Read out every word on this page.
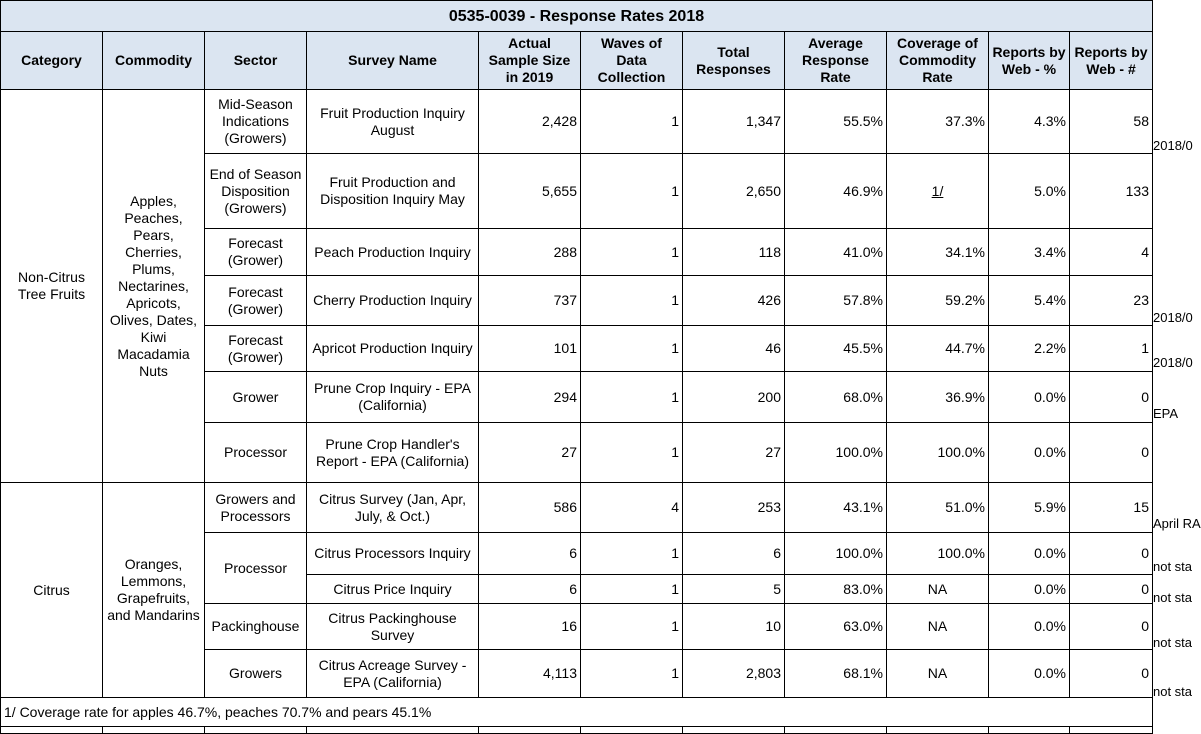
0535-0039 - Response Rates 2018										
Category	Commodity	Sector	Survey Name	Actual Sample Size in 2019	Waves of Data Collection	Total Responses	Average Response Rate	Coverage of Commodity Rate	Reports by Web - %	Reports by Web - #
Non-Citrus Tree Fruits	Apples, Peaches, Pears, Cherries, Plums, Nectarines, Apricots, Olives, Dates, Kiwi Macadamia Nuts	Mid-Season Indications (Growers)	Fruit Production Inquiry August	2,428	1	1,347	55.5%	37.3%	4.3%	58
		End of Season Disposition (Growers)	Fruit Production and Disposition Inquiry May	5,655	1	2,650	46.9%	1/	5.0%	133
		Forecast (Grower)	Peach Production Inquiry	288	1	118	41.0%	34.1%	3.4%	4
		Forecast (Grower)	Cherry Production Inquiry	737	1	426	57.8%	59.2%	5.4%	23
		Forecast (Grower)	Apricot Production Inquiry	101	1	46	45.5%	44.7%	2.2%	1
		Grower	Prune Crop Inquiry - EPA (California)	294	1	200	68.0%	36.9%	0.0%	0
		Processor	Prune Crop Handler's Report - EPA (California)	27	1	27	100.0%	100.0%	0.0%	0
Citrus	Oranges, Lemmons, Grapefruits, and Mandarins	Growers and Processors	Citrus Survey (Jan, Apr, July, & Oct.)	586	4	253	43.1%	51.0%	5.9%	15
		Processor	Citrus Processors Inquiry	6	1	6	100.0%	100.0%	0.0%	0
			Citrus Price Inquiry	6	1	5	83.0%	NA	0.0%	0
		Packinghouse	Citrus Packinghouse Survey	16	1	10	63.0%	NA	0.0%	0
		Growers	Citrus Acreage Survey - EPA (California)	4,113	1	2,803	68.1%	NA	0.0%	0
1/ Coverage rate for apples 46.7%, peaches 70.7% and pears 45.1%										

2018/0
2018/0
2018/0
EPA
April RA
not sta
not sta
not sta
not sta
